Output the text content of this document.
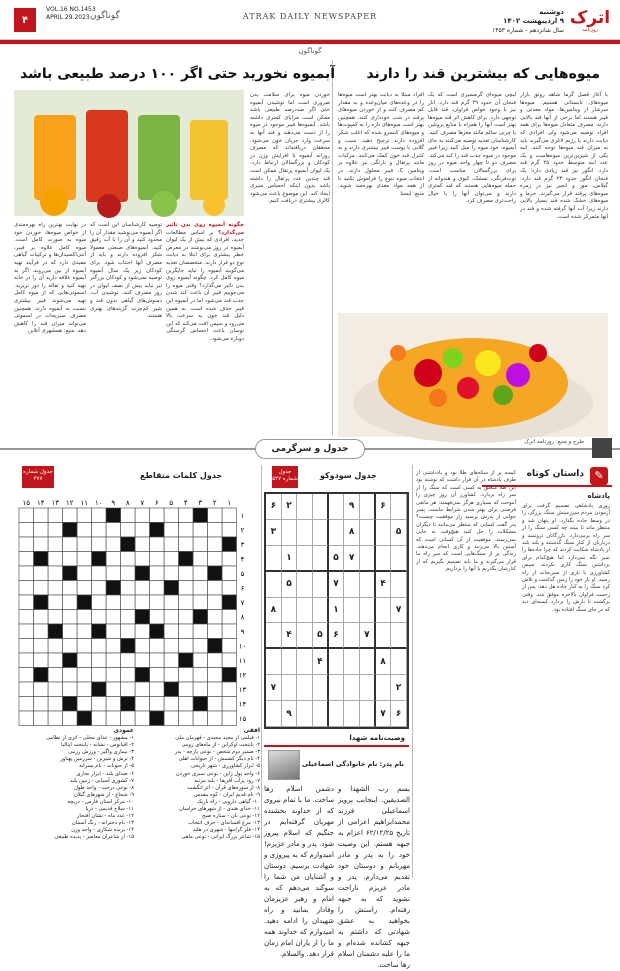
اترک
روزنامه
دوشنبه
۹ اردیبهشت ۱۴۰۲
سال شانزدهم - شماره ۱۴۵۳
ATRAK DAILY NEWSPAPER
گوناگون
VOL.16 NO.1453
APRIL.29.2023
۴
گوناگون
میوه‌هایی که بیشترین قند را دارند
با آغاز فصل گرما شاهد رونق بازار میوه‌های تابستانی هستیم. میوه‌ها سرشار از ویتامین‌ها، مواد معدنی و فیبر هستند اما برخی از آنها قند بالایی دارند. مصرف متعادل میوه‌ها برای همه افراد توصیه می‌شود ولی افرادی که دیابت دارند یا رژیم لاغری می‌گیرند باید به میزان قند میوه‌ها توجه کنند. انبه یکی از شیرین‌ترین میوه‌هاست و یک عدد انبه متوسط حدود ۴۵ گرم قند دارد. انگور نیز قند زیادی دارد؛ یک فنجان انگور حدود ۲۳ گرم قند دارد. گیلاس، موز و انجیر نیز در زمره میوه‌های پرقند قرار می‌گیرند. خرما و میوه‌های خشک شده قند بسیار بالایی دارند زیرا آب آنها گرفته شده و قند در آنها متمرکز شده است.
لیچی میوه‌ای گرمسیری است که یک فنجان آن حدود ۲۹ گرم قند دارد. انار نیز با وجود خواص فراوان، قند قابل توجهی دارد. برای کاهش اثر قند میوه‌ها بهتر است آنها را همراه با منابع پروتئین یا چربی سالم مانند مغزها مصرف کنید. کارشناسان تغذیه توصیه می‌کنند به جای آبمیوه، خود میوه را میل کنید زیرا فیبر موجود در میوه جذب قند را کند می‌کند. مصرف دو تا چهار واحد میوه در روز برای بزرگسالان مناسب است. توت‌فرنگی، تمشک، کیوی و هندوانه از جمله میوه‌هایی هستند که قند کمتری دارند و می‌توان آنها را با خیال راحت‌تری مصرف کرد.
افراد مبتلا به دیابت بهتر است میوه‌ها را در وعده‌های میان‌وعده و به مقدار کم مصرف کنند و از خوردن میوه‌های پرقند در شب خودداری کنند. همچنین بهتر است میوه‌های تازه را به کمپوت‌ها و میوه‌های کنسرو شده که اغلب شکر افزوده دارند ترجیح دهید. سیب و گلابی با پوست فیبر بیشتری دارند و به کنترل قند خون کمک می‌کنند. مرکبات مانند پرتقال و نارنگی نیز علاوه بر ویتامین C، فیبر محلول دارند. در انتخاب میوه تنوع را فراموش نکنید تا از همه مواد مغذی بهره‌مند شوید. منبع: ایسنا
آبمیوه نخورید حتی اگر ۱۰۰ درصد طبیعی باشد
خوردن میوه برای سلامت بدن ضروری است اما نوشیدن آبمیوه حتی اگر صددرصد طبیعی باشد ممکن است مزایای کمتری داشته باشد. آبمیوه‌ها فیبر موجود در میوه را از دست می‌دهند و قند آنها به سرعت وارد جریان خون می‌شود. محققان دریافته‌اند که مصرف روزانه آبمیوه با افزایش وزن در کودکان و بزرگسالان ارتباط دارد. یک لیوان آبمیوه پرتقال ممکن است قند چندین عدد پرتقال را داشته باشد بدون اینکه احساس سیری ایجاد کند. این موضوع باعث می‌شود کالری بیشتری دریافت کنیم.
چگونه آبمیوه روی بدن تاثیر می‌گذارد؟ بر اساس مطالعات جدید، افرادی که بیش از یک لیوان آبمیوه در روز می‌نوشند در معرض خطر بیشتری برای ابتلا به دیابت نوع دو قرار دارند. متخصصان تغذیه می‌گویند آبمیوه را نباید جایگزین میوه کامل کرد. چگونه آبمیوه روی بدن تاثیر می‌گذارد؟ وقتی میوه را می‌جوییم فیبر آن باعث کند شدن جذب قند می‌شود اما در آبمیوه این فیبر حذف شده است. به همین دلیل قند خون به سرعت بالا می‌رود و سپس افت می‌کند که این نوسان باعث احساس گرسنگی دوباره می‌شود.
توصیه کارشناسان این است که اگر آبمیوه می‌نوشید مقدار آن را محدود کنید و آن را با آب رقیق کنید. آبمیوه‌های صنعتی معمولا شکر افزوده دارند و باید از مصرف آنها اجتناب شود. برای کودکان زیر یک سال آبمیوه توصیه نمی‌شود و کودکان بزرگتر نیز نباید بیش از نصف لیوان در روز مصرف کنند. نوشیدن آب، دمنوش‌های گیاهی بدون قند و شیر کم‌چرب گزینه‌های بهتری هستند.
در نهایت بهترین راه بهره‌مندی از خواص میوه‌ها، خوردن خود میوه به صورت کامل است. میوه کامل علاوه بر فیبر، آنتی‌اکسیدان‌ها و ترکیبات گیاهی مفیدی دارد که در فرآیند تهیه آبمیوه از بین می‌روند. اگر به آبمیوه علاقه دارید آن را در خانه تهیه کنید و تفاله را دور نریزید. اسموتی‌هایی که از میوه کامل تهیه می‌شوند فیبر بیشتری نسبت به آبمیوه دارند. همچنین مصرف سبزیجات در اسموتی می‌تواند میزان قند را کاهش دهد. منبع: همشهری آنلاین
جدول و سرگرمی
طرح و منبع: روزنامه اترک
داستان کوتاه ✎
پادشاه
روزی پادشاهی تصمیم گرفت برای آزمودن مردم سرزمینش سنگ بزرگی را در وسط جاده بگذارد. او پنهان شد و منتظر ماند تا ببیند چه کسی سنگ را از سر راه برمی‌دارد. بازرگانان ثروتمند و درباریان از کنار سنگ گذشتند و بلند بلند از پادشاه شکایت کردند که چرا جاده‌ها را تمیز نگه نمی‌دارد اما هیچ‌کدام برای برداشتن سنگ کاری نکردند. سپس کشاورزی با باری از سبزیجات از راه رسید. او بار خود را زمین گذاشت و تلاش کرد سنگ را به کنار جاده هل دهد. پس از زحمت فراوان بالاخره موفق شد. وقتی برگشت تا بارش را بردارد کیسه‌ای دید که در جای سنگ افتاده بود.
کیسه پر از سکه‌های طلا بود و یادداشتی از طرف پادشاه در آن قرار داشت که نوشته بود این طلا متعلق به کسی است که سنگ را از سر راه بردارد. کشاورز آن روز چیزی را آموخت که بسیاری هرگز نمی‌فهمند: هر مانعی فرصتی برای بهتر شدن شرایط ماست. پسر جوانی از پدرش پرسید راز موفقیت چیست؟ پدر گفت کسانی که منتظر می‌مانند تا دیگران مشکلات را حل کنند هیچ‌وقت به جایی نمی‌رسند. موفقیت از آن کسانی است که آستین بالا می‌زنند و کاری انجام می‌دهند. زندگی پر از سنگ‌هایی است که سر راه ما قرار می‌گیرند و ما باید تصمیم بگیریم که از کنارشان بگذریم یا آنها را برداریم.
جدول شماره ۵۲۷	جدول سودوکو
۶
۹
۲
۶
۵
۸
۳
۷
۵
۱
۴
۷
۵
۷
۱
۸
۷
۶
۵
۴
۸
۴
۲
۷
۶
۷
۹
وصیت‌نامه شهدا
نام پدر: نام خانوادگی اسماعیلی
بسم رب الشهدا و الصدیقین. اینجانب پرویز اسماعیلی فرزند محمدابراهیم اعزامی از تاریخ ۶۲/۱۲/۲۵ اعزام به جبهه هستم. این وصیت خود را به پدر و مادر مهربانم و دوستان خود تقدیم می‌دارم. پدر و مادر عزیزم ناراحت نشوید که به جبهه رفته‌ام. راستش را بخواهید به عشق شهادتی که داشتم به جبهه کشانده شده‌ام و ما را علیه دشمنان اسلام رها ساخت.
دشمن اسلام رها ساخت. ما با تمام نیروی که از خداوند بخشنده مهربان گرفته‌ایم در جنگیم که اسلام پیروز شود. پدر و مادر عزیزم! امیدوارم که به پیروزی و شهادت برسیم. دوستان و آشنایان من شما را سوگند می‌دهم که به امام و رهبر عزیزمان وفادار بمانید و راه شهیدان را ادامه دهید. امیدوارم که خداوند همه ما را از یاران امام زمان قرار دهد. والسلام.
جدول شماره ۴۷۷	جدول کلمات متقاطع
۱
۲
۳
۴
۵
۶
۷
۸
۹
۱۰
۱۱
۱۲
۱۳
۱۴
۱۵
۱
۲
۳
۴
۵
۶
۷
۸
۹
۱۰
۱۱
۱۲
۱۳
۱۴
۱۵
افقی
۱- فیلمی از مجید مجیدی - قهرمان ملی
۲- پایتخت اوکراین - از ماه‌های رومی
۳- ضمیر دوم شخص - نوعی پارچه - پدر
۴- نام دیگر کشمش - از حیوانات اهلی
۵- ابزار کشاورزی - شهر تاریخی
۶- واحد پول ژاپن - نوعی سبزی خوردن
۷- رود پرآب آفریقا - بلند مرتبه
۸- از سوره‌های قرآن - اثر انگشت
۹- نام قدیم ایران - کوه مقدس
۱۰- گیاهی دارویی - راه باریک
۱۱- خدای هندی - از شهرهای خراسان
۱۲- نوعی نان - ستاره صبح
۱۳- مرغ افسانه‌ای - حرف انتخاب
۱۴- فلز گرانبها - شهری در هلند
۱۵- شاعر بزرگ ایرانی - نوعی ماهی
عمودی
۱- مشهور - غذای محلی - اثری از نظامی
۲- اقیانوس - نشانه - پایتخت ایتالیا
۳- بیماری واگیر - ورزش رزمی
۴- ترش و شیرین - سرزمین پهناور
۵- از حبوبات - نام پسرانه
۶- صدای بلند - ابزار نجاری
۷- کشوری آسیایی - زمین بلند
۸- نوعی درخت - واحد طول
۹- شجاع - از شهرهای گیلان
۱۰- مرکز استان فارس - دریچه
۱۱- سلاح قدیمی - دریا
۱۲- عدد ماه - نشان افتخار
۱۳- نام دخترانه - رنگ آسمان
۱۴- پرنده شکاری - واحد وزن
۱۵- از شاعران معاصر - پدیده طبیعی
